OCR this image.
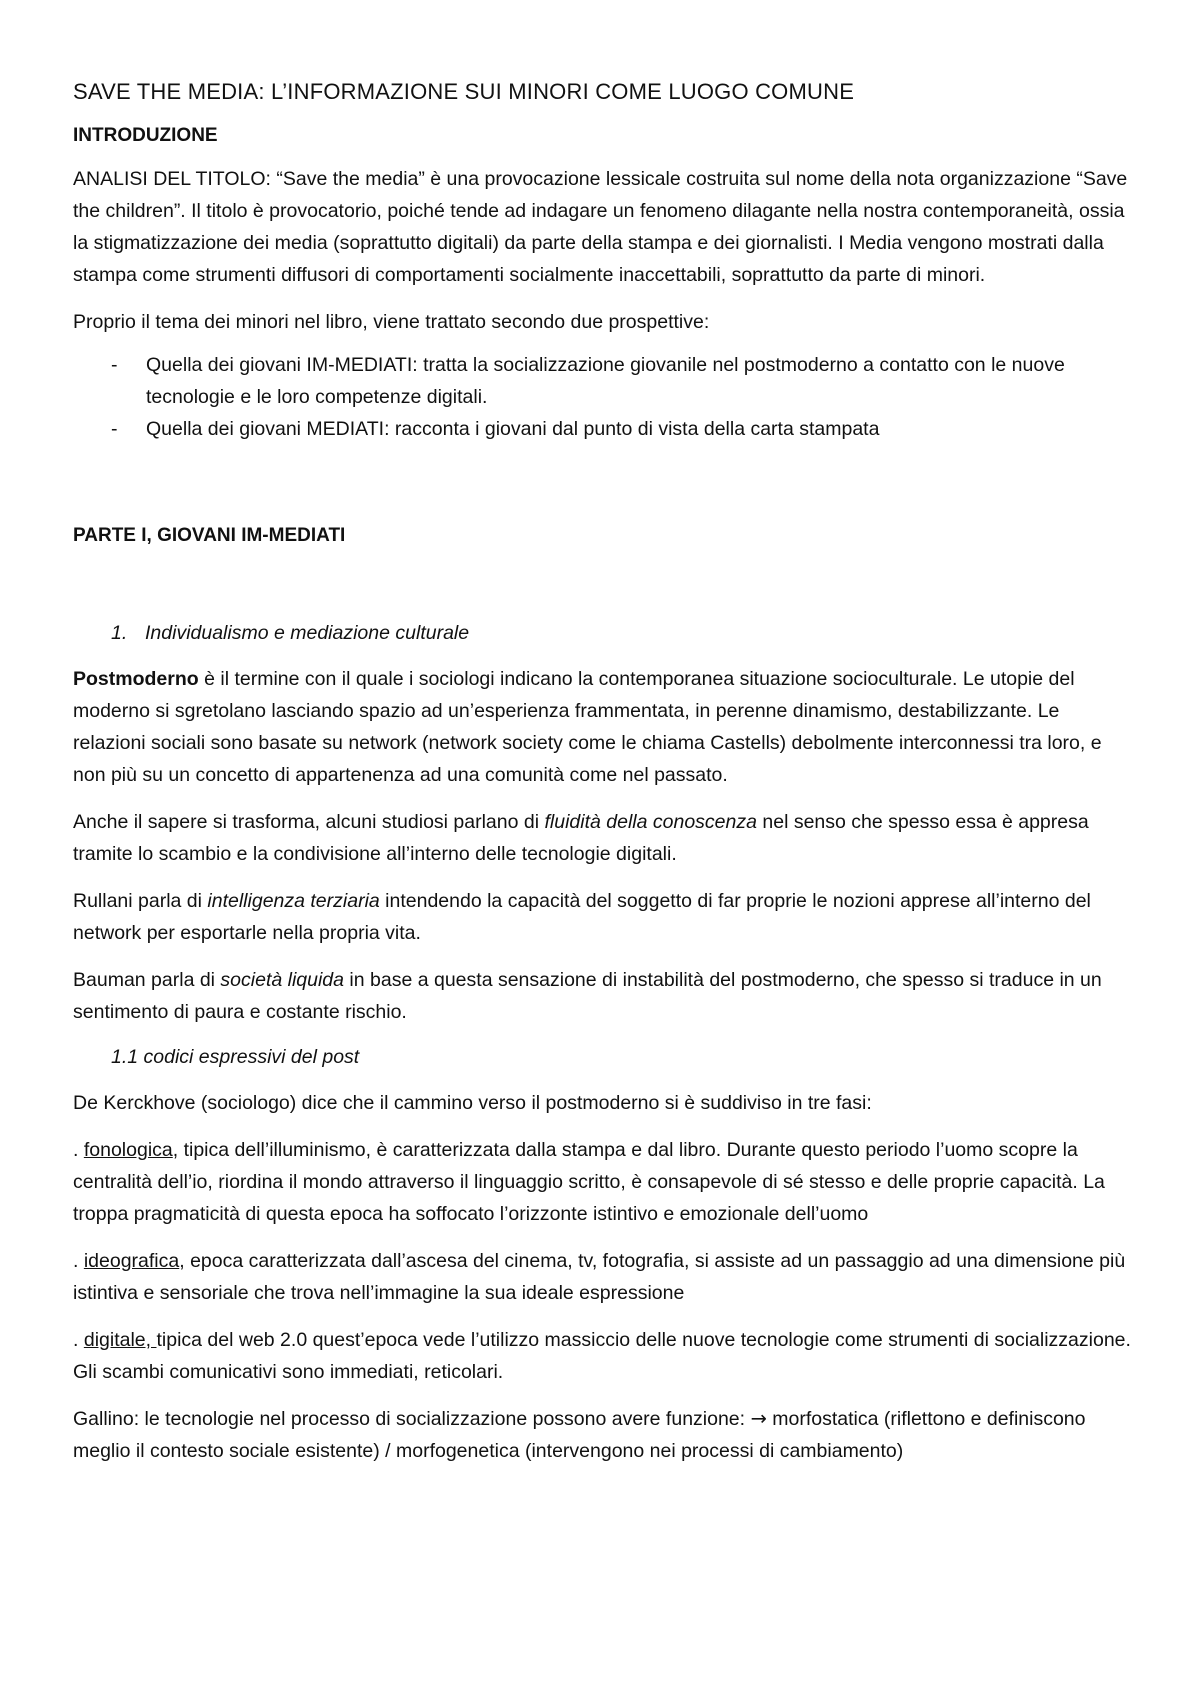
SAVE THE MEDIA: L’INFORMAZIONE SUI MINORI COME LUOGO COMUNE

INTRODUZIONE

ANALISI DEL TITOLO: “Save the media” è una provocazione lessicale costruita sul nome della nota organizzazione “Save the children”. Il titolo è provocatorio, poiché tende ad indagare un fenomeno dilagante nella nostra contemporaneità, ossia la stigmatizzazione dei media (soprattutto digitali) da parte della stampa e dei giornalisti. I Media vengono mostrati dalla stampa come strumenti diffusori di comportamenti socialmente inaccettabili, soprattutto da parte di minori.

Proprio il tema dei minori nel libro, viene trattato secondo due prospettive:

- Quella dei giovani IM-MEDIATI: tratta la socializzazione giovanile nel postmoderno a contatto con le nuove tecnologie e le loro competenze digitali.
- Quella dei giovani MEDIATI: racconta i giovani dal punto di vista della carta stampata

PARTE I, GIOVANI IM-MEDIATI

1. Individualismo e mediazione culturale

Postmoderno è il termine con il quale i sociologi indicano la contemporanea situazione socioculturale. Le utopie del moderno si sgretolano lasciando spazio ad un’esperienza frammentata, in perenne dinamismo, destabilizzante. Le relazioni sociali sono basate su network (network society come le chiama Castells) debolmente interconnessi tra loro, e non più su un concetto di appartenenza ad una comunità come nel passato.

Anche il sapere si trasforma, alcuni studiosi parlano di fluidità della conoscenza nel senso che spesso essa è appresa tramite lo scambio e la condivisione all’interno delle tecnologie digitali.

Rullani parla di intelligenza terziaria intendendo la capacità del soggetto di far proprie le nozioni apprese all’interno del network per esportarle nella propria vita.

Bauman parla di società liquida in base a questa sensazione di instabilità del postmoderno, che spesso si traduce in un sentimento di paura e costante rischio.

1.1 codici espressivi del post

De Kerckhove (sociologo) dice che il cammino verso il postmoderno si è suddiviso in tre fasi:

. fonologica, tipica dell’illuminismo, è caratterizzata dalla stampa e dal libro. Durante questo periodo l’uomo scopre la centralità dell’io, riordina il mondo attraverso il linguaggio scritto, è consapevole di sé stesso e delle proprie capacità. La troppa pragmaticità di questa epoca ha soffocato l’orizzonte istintivo e emozionale dell’uomo

. ideografica, epoca caratterizzata dall’ascesa del cinema, tv, fotografia, si assiste ad un passaggio ad una dimensione più istintiva e sensoriale che trova nell’immagine la sua ideale espressione

. digitale, tipica del web 2.0 quest’epoca vede l’utilizzo massiccio delle nuove tecnologie come strumenti di socializzazione. Gli scambi comunicativi sono immediati, reticolari.

Gallino: le tecnologie nel processo di socializzazione possono avere funzione: → morfostatica (riflettono e definiscono meglio il contesto sociale esistente) / morfogenetica (intervengono nei processi di cambiamento)
